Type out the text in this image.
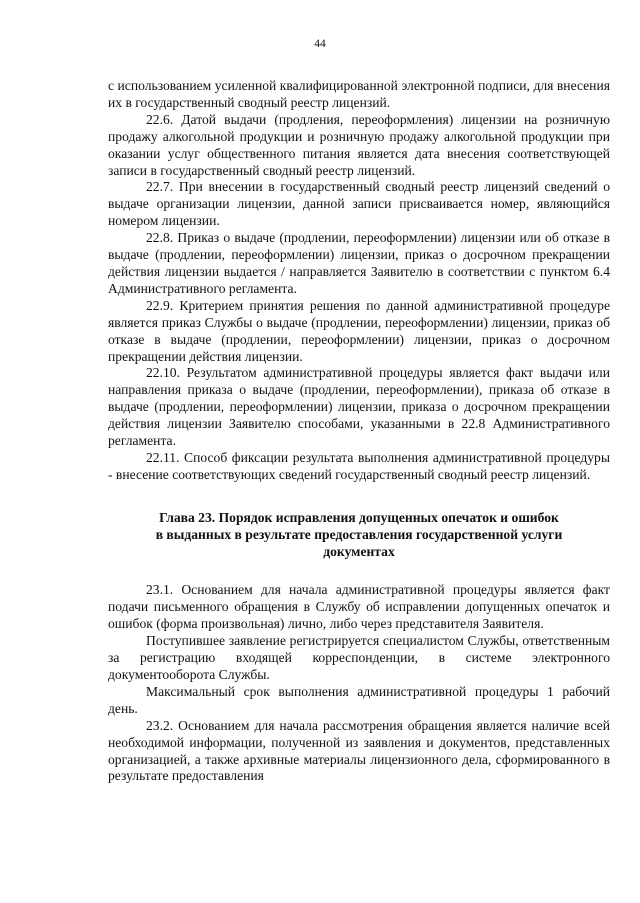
44

с использованием усиленной квалифицированной электронной подписи, для внесения их в государственный сводный реестр лицензий.

22.6. Датой выдачи (продления, переоформления) лицензии на розничную продажу алкогольной продукции и розничную продажу алкогольной продукции при оказании услуг общественного питания является дата внесения соответствующей записи в государственный сводный реестр лицензий.

22.7. При внесении в государственный сводный реестр лицензий сведений о выдаче организации лицензии, данной записи присваивается номер, являющийся номером лицензии.

22.8. Приказ о выдаче (продлении, переоформлении) лицензии или об отказе в выдаче (продлении, переоформлении) лицензии, приказ о досрочном прекращении действия лицензии выдается / направляется Заявителю в соответствии с пунктом 6.4 Административного регламента.

22.9. Критерием принятия решения по данной административной процедуре является приказ Службы о выдаче (продлении, переоформлении) лицензии, приказ об отказе в выдаче (продлении, переоформлении) лицензии, приказ о досрочном прекращении действия лицензии.

22.10. Результатом административной процедуры является факт выдачи или направления приказа о выдаче (продлении, переоформлении), приказа об отказе в выдаче (продлении, переоформлении) лицензии, приказа о досрочном прекращении действия лицензии Заявителю способами, указанными в 22.8 Административного регламента.

22.11. Способ фиксации результата выполнения административной процедуры - внесение соответствующих сведений государственный сводный реестр лицензий.

Глава 23. Порядок исправления допущенных опечаток и ошибок
в выданных в результате предоставления государственной услуги
документах

23.1. Основанием для начала административной процедуры является факт подачи письменного обращения в Службу об исправлении допущенных опечаток и ошибок (форма произвольная) лично, либо через представителя Заявителя.

Поступившее заявление регистрируется специалистом Службы, ответственным за регистрацию входящей корреспонденции, в системе электронного документооборота Службы.

Максимальный срок выполнения административной процедуры 1 рабочий день.

23.2. Основанием для начала рассмотрения обращения является наличие всей необходимой информации, полученной из заявления и документов, представленных организацией, а также архивные материалы лицензионного дела, сформированного в результате предоставления
